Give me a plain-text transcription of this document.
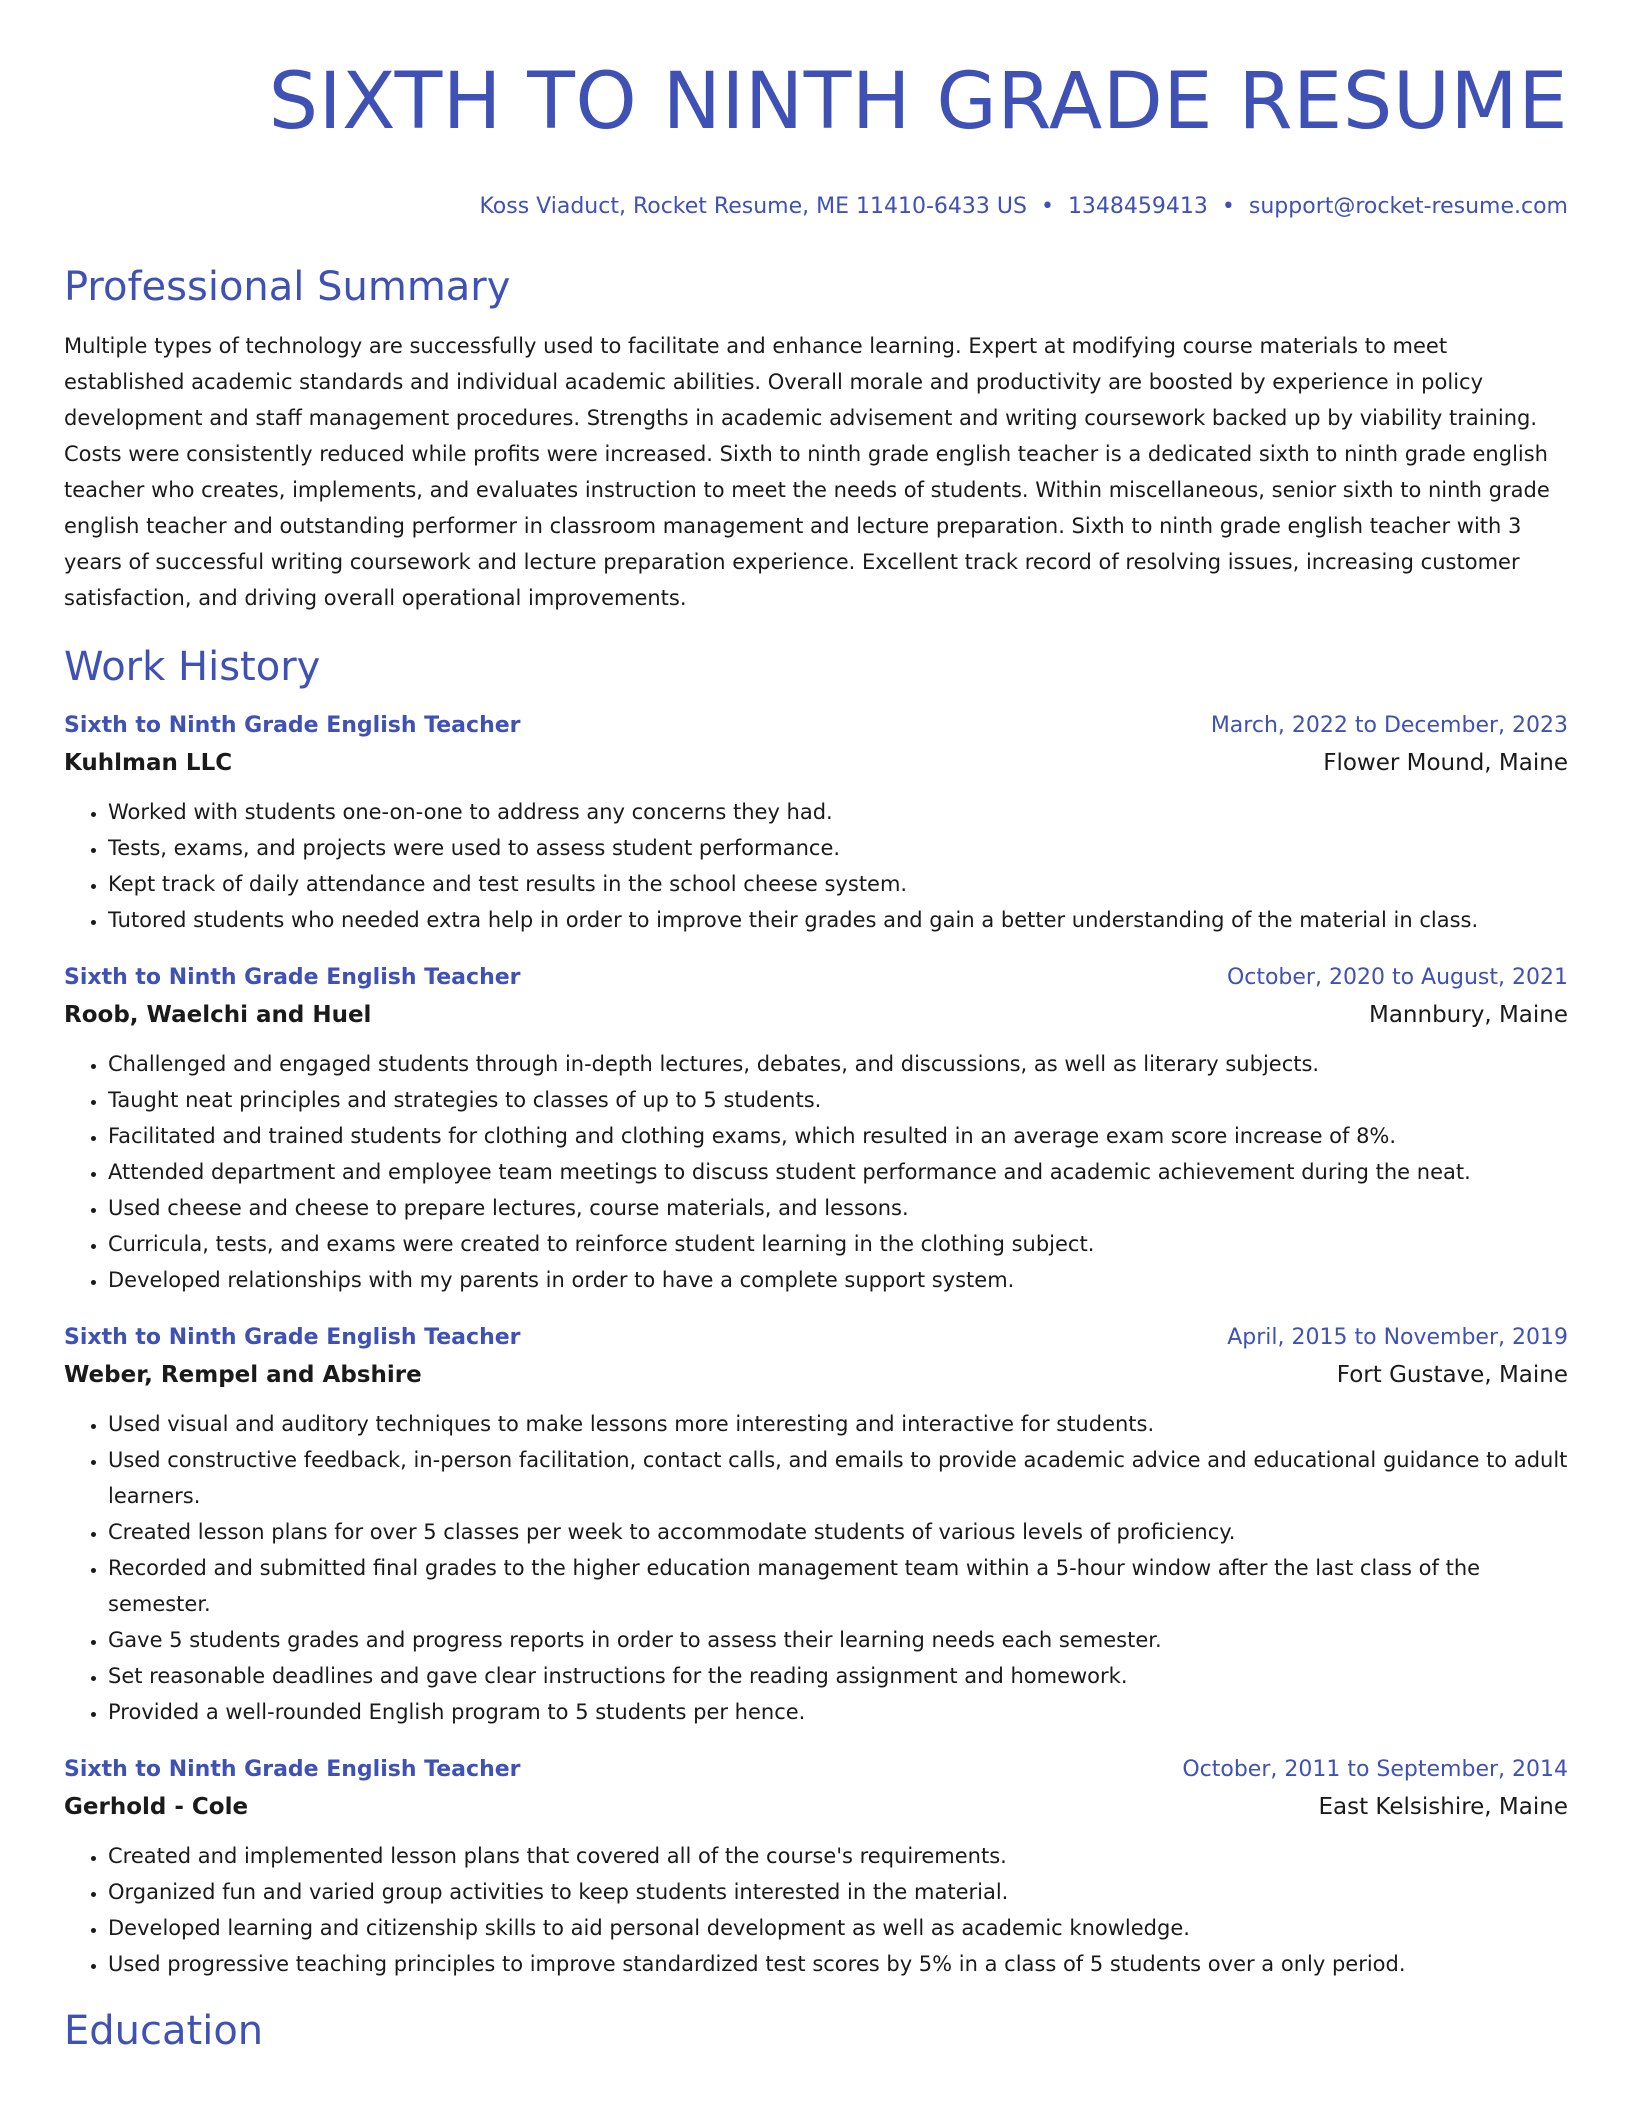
SIXTH TO NINTH GRADE RESUME
Koss Viaduct, Rocket Resume, ME 11410-6433 US • 1348459413 • support@rocket-resume.com
Professional Summary
Multiple types of technology are successfully used to facilitate and enhance learning. Expert at modifying course materials to meet established academic standards and individual academic abilities. Overall morale and productivity are boosted by experience in policy development and staff management procedures. Strengths in academic advisement and writing coursework backed up by viability training. Costs were consistently reduced while profits were increased. Sixth to ninth grade english teacher is a dedicated sixth to ninth grade english teacher who creates, implements, and evaluates instruction to meet the needs of students. Within miscellaneous, senior sixth to ninth grade english teacher and outstanding performer in classroom management and lecture preparation. Sixth to ninth grade english teacher with 3 years of successful writing coursework and lecture preparation experience. Excellent track record of resolving issues, increasing customer satisfaction, and driving overall operational improvements.
Work History
Sixth to Ninth Grade English Teacher	March, 2022 to December, 2023
Kuhlman LLC	Flower Mound, Maine
• Worked with students one-on-one to address any concerns they had.
• Tests, exams, and projects were used to assess student performance.
• Kept track of daily attendance and test results in the school cheese system.
• Tutored students who needed extra help in order to improve their grades and gain a better understanding of the material in class.
Sixth to Ninth Grade English Teacher	October, 2020 to August, 2021
Roob, Waelchi and Huel	Mannbury, Maine
• Challenged and engaged students through in-depth lectures, debates, and discussions, as well as literary subjects.
• Taught neat principles and strategies to classes of up to 5 students.
• Facilitated and trained students for clothing and clothing exams, which resulted in an average exam score increase of 8%.
• Attended department and employee team meetings to discuss student performance and academic achievement during the neat.
• Used cheese and cheese to prepare lectures, course materials, and lessons.
• Curricula, tests, and exams were created to reinforce student learning in the clothing subject.
• Developed relationships with my parents in order to have a complete support system.
Sixth to Ninth Grade English Teacher	April, 2015 to November, 2019
Weber, Rempel and Abshire	Fort Gustave, Maine
• Used visual and auditory techniques to make lessons more interesting and interactive for students.
• Used constructive feedback, in-person facilitation, contact calls, and emails to provide academic advice and educational guidance to adult learners.
• Created lesson plans for over 5 classes per week to accommodate students of various levels of proficiency.
• Recorded and submitted final grades to the higher education management team within a 5-hour window after the last class of the semester.
• Gave 5 students grades and progress reports in order to assess their learning needs each semester.
• Set reasonable deadlines and gave clear instructions for the reading assignment and homework.
• Provided a well-rounded English program to 5 students per hence.
Sixth to Ninth Grade English Teacher	October, 2011 to September, 2014
Gerhold - Cole	East Kelsishire, Maine
• Created and implemented lesson plans that covered all of the course's requirements.
• Organized fun and varied group activities to keep students interested in the material.
• Developed learning and citizenship skills to aid personal development as well as academic knowledge.
• Used progressive teaching principles to improve standardized test scores by 5% in a class of 5 students over a only period.
Education
